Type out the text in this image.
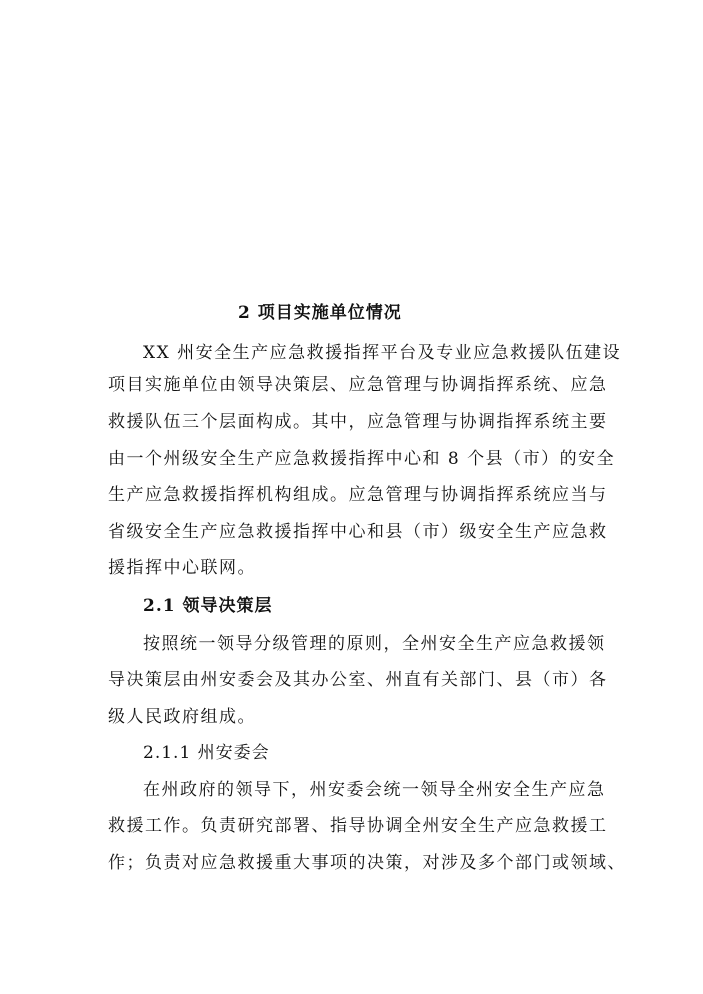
2 项目实施单位情况
XX 州安全生产应急救援指挥平台及专业应急救援队伍建设
项目实施单位由领导决策层、应急管理与协调指挥系统、应急
救援队伍三个层面构成。其中，应急管理与协调指挥系统主要
由一个州级安全生产应急救援指挥中心和 8 个县（市）的安全
生产应急救援指挥机构组成。应急管理与协调指挥系统应当与
省级安全生产应急救援指挥中心和县（市）级安全生产应急救
援指挥中心联网。
2.1 领导决策层
按照统一领导分级管理的原则，全州安全生产应急救援领
导决策层由州安委会及其办公室、州直有关部门、县（市）各
级人民政府组成。
2.1.1 州安委会
在州政府的领导下，州安委会统一领导全州安全生产应急
救援工作。负责研究部署、指导协调全州安全生产应急救援工
作；负责对应急救援重大事项的决策，对涉及多个部门或领域、
